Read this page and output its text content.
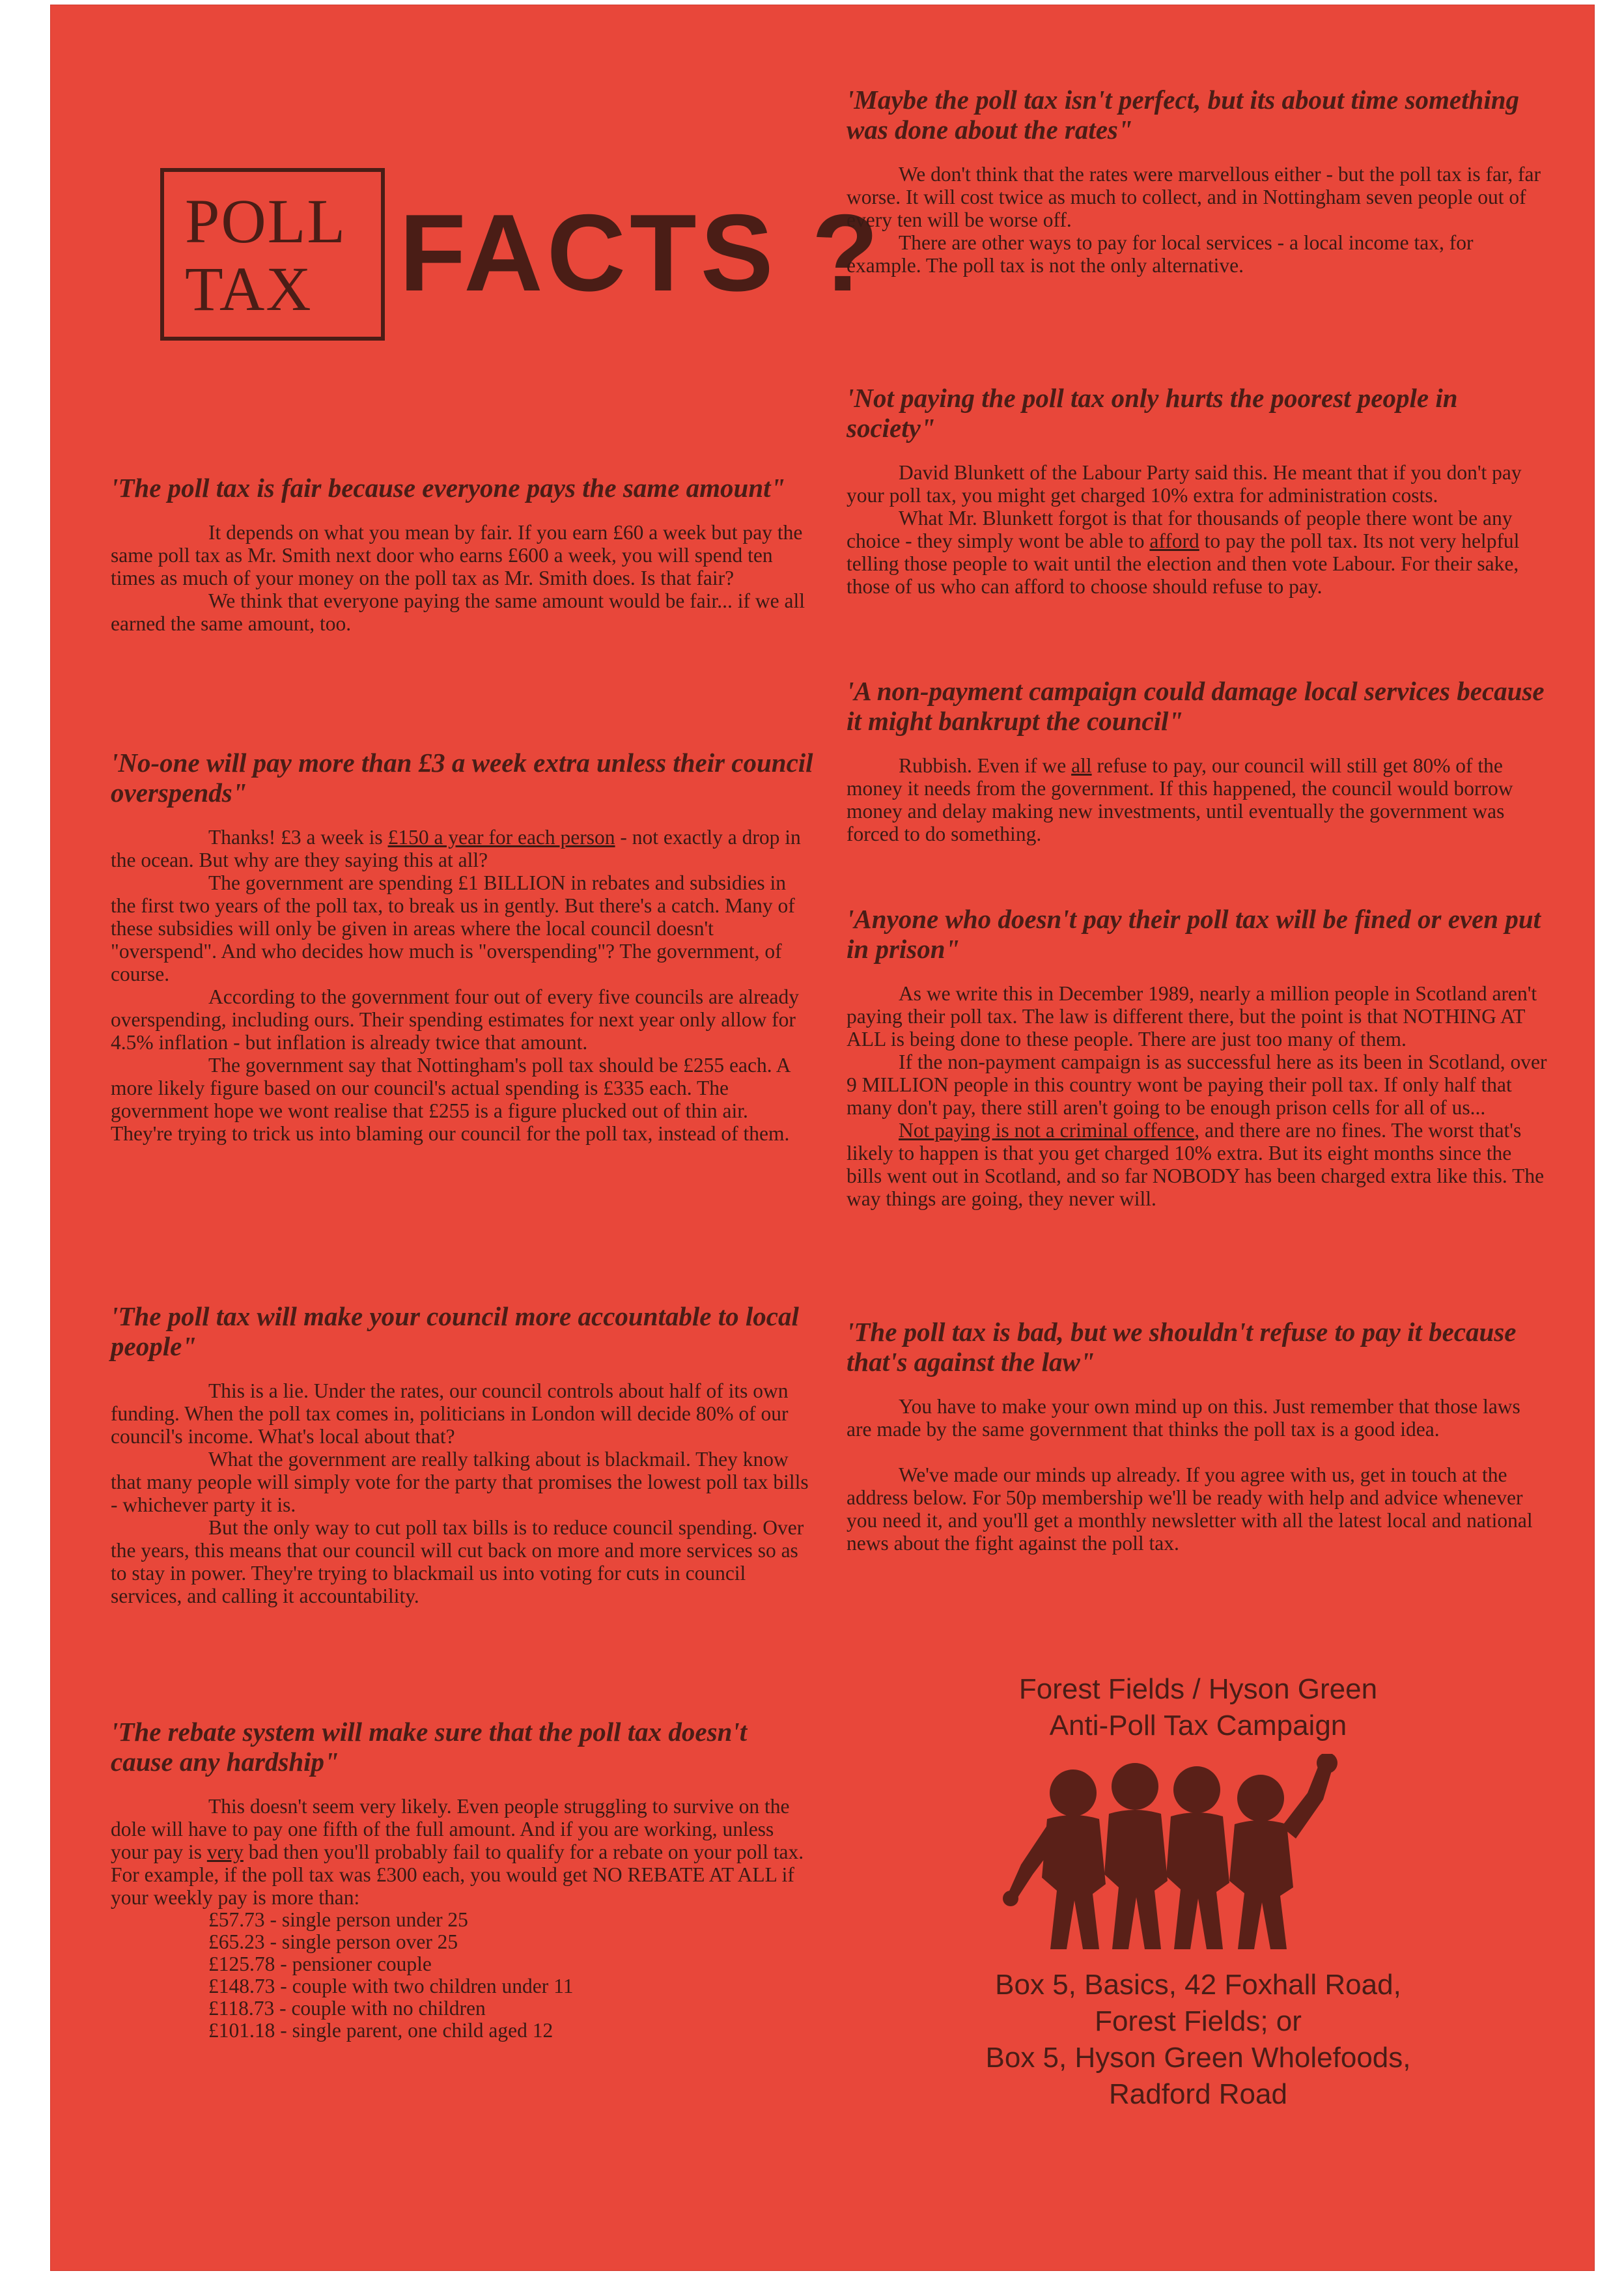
POLL
TAX FACTS ?

'The poll tax is fair because everyone pays the same amount"

It depends on what you mean by fair. If you earn £60 a week but pay the same poll tax as Mr. Smith next door who earns £600 a week, you will spend ten times as much of your money on the poll tax as Mr. Smith does. Is that fair?

We think that everyone paying the same amount would be fair... if we all earned the same amount, too.

'No-one will pay more than £3 a week extra unless their council overspends"

Thanks! £3 a week is £150 a year for each person - not exactly a drop in the ocean. But why are they saying this at all?

The government are spending £1 BILLION in rebates and subsidies in the first two years of the poll tax, to break us in gently. But there's a catch. Many of these subsidies will only be given in areas where the local council doesn't "overspend". And who decides how much is "overspending"? The government, of course.

According to the government four out of every five councils are already overspending, including ours. Their spending estimates for next year only allow for 4.5% inflation - but inflation is already twice that amount.

The government say that Nottingham's poll tax should be £255 each. A more likely figure based on our council's actual spending is £335 each. The government hope we wont realise that £255 is a figure plucked out of thin air. They're trying to trick us into blaming our council for the poll tax, instead of them.

'The poll tax will make your council more accountable to local people"

This is a lie. Under the rates, our council controls about half of its own funding. When the poll tax comes in, politicians in London will decide 80% of our council's income. What's local about that?

What the government are really talking about is blackmail. They know that many people will simply vote for the party that promises the lowest poll tax bills - whichever party it is.

But the only way to cut poll tax bills is to reduce council spending. Over the years, this means that our council will cut back on more and more services so as to stay in power. They're trying to blackmail us into voting for cuts in council services, and calling it accountability.

'The rebate system will make sure that the poll tax doesn't cause any hardship"

This doesn't seem very likely. Even people struggling to survive on the dole will have to pay one fifth of the full amount. And if you are working, unless your pay is very bad then you'll probably fail to qualify for a rebate on your poll tax. For example, if the poll tax was £300 each, you would get NO REBATE AT ALL if your weekly pay is more than:

£57.73 - single person under 25
£65.23 - single person over 25
£125.78 - pensioner couple
£148.73 - couple with two children under 11
£118.73 - couple with no children
£101.18 - single parent, one child aged 12

'Maybe the poll tax isn't perfect, but its about time something was done about the rates"

We don't think that the rates were marvellous either - but the poll tax is far, far worse. It will cost twice as much to collect, and in Nottingham seven people out of every ten will be worse off.

There are other ways to pay for local services - a local income tax, for example. The poll tax is not the only alternative.

'Not paying the poll tax only hurts the poorest people in society"

David Blunkett of the Labour Party said this. He meant that if you don't pay your poll tax, you might get charged 10% extra for administration costs.

What Mr. Blunkett forgot is that for thousands of people there wont be any choice - they simply wont be able to afford to pay the poll tax. Its not very helpful telling those people to wait until the election and then vote Labour. For their sake, those of us who can afford to choose should refuse to pay.

'A non-payment campaign could damage local services because it might bankrupt the council"

Rubbish. Even if we all refuse to pay, our council will still get 80% of the money it needs from the government. If this happened, the council would borrow money and delay making new investments, until eventually the government was forced to do something.

'Anyone who doesn't pay their poll tax will be fined or even put in prison"

As we write this in December 1989, nearly a million people in Scotland aren't paying their poll tax. The law is different there, but the point is that NOTHING AT ALL is being done to these people. There are just too many of them.

If the non-payment campaign is as successful here as its been in Scotland, over 9 MILLION people in this country wont be paying their poll tax. If only half that many don't pay, there still aren't going to be enough prison cells for all of us...

Not paying is not a criminal offence, and there are no fines. The worst that's likely to happen is that you get charged 10% extra. But its eight months since the bills went out in Scotland, and so far NOBODY has been charged extra like this. The way things are going, they never will.

'The poll tax is bad, but we shouldn't refuse to pay it because that's against the law"

You have to make your own mind up on this. Just remember that those laws are made by the same government that thinks the poll tax is a good idea.

We've made our minds up already. If you agree with us, get in touch at the address below. For 50p membership we'll be ready with help and advice whenever you need it, and you'll get a monthly newsletter with all the latest local and national news about the fight against the poll tax.

Forest Fields / Hyson Green
Anti-Poll Tax Campaign
Box 5, Basics, 42 Foxhall Road,
Forest Fields; or
Box 5, Hyson Green Wholefoods,
Radford Road
